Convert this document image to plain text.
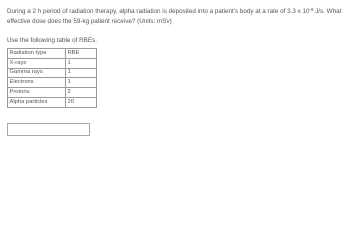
During a 2 h period of radiation therapy, alpha radiation is deposited into a patient's body at a rate of 3.3 x $10^{-8}$ J/s. What effective dose does the 59-kg patient receive? (Units: mSv)

Use the following table of RBEs.

Radiation type	RBE
X-rays	1
Gamma rays	1
Electrons	1
Protons	2
Alpha particles	20
